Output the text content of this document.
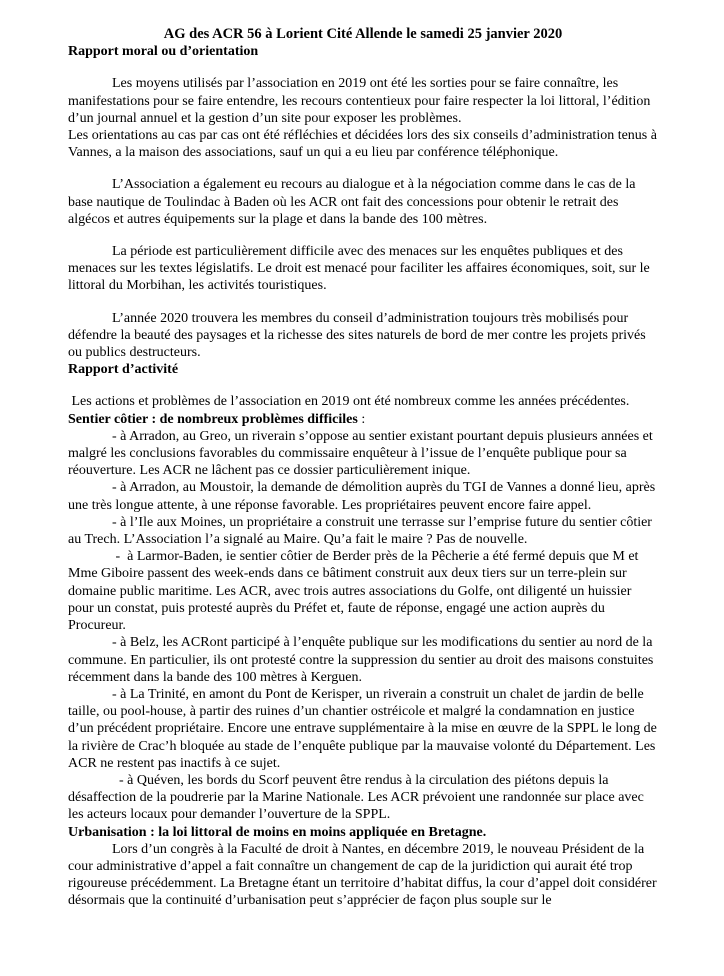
AG des ACR 56 à Lorient Cité Allende le samedi 25 janvier 2020
Rapport moral ou d’orientation

Les moyens utilisés par l’association en 2019 ont été les sorties pour se faire connaître, les manifestations pour se faire entendre, les recours contentieux pour faire respecter la loi littoral, l’édition d’un journal annuel et la gestion d’un site pour exposer les problèmes.

Les orientations au cas par cas ont été réfléchies et décidées lors des six conseils d’administration tenus à Vannes, a la maison des associations, sauf un qui a eu lieu par conférence téléphonique.

L’Association a également eu recours au dialogue et à la négociation comme dans le cas de la base nautique de Toulindac à Baden où les ACR ont fait des concessions pour obtenir le retrait des algécos et autres équipements sur la plage et dans la bande des 100 mètres.

La période est particulièrement difficile avec des menaces sur les enquêtes publiques et des menaces sur les textes législatifs. Le droit est menacé pour faciliter les affaires économiques, soit, sur le littoral du Morbihan, les activités touristiques.

L’année 2020 trouvera les membres du conseil d’administration toujours très mobilisés pour défendre la beauté des paysages et la richesse des sites naturels de bord de mer contre les projets privés ou publics destructeurs.

Rapport d’activité

Les actions et problèmes de l’association en 2019 ont été nombreux comme les années précédentes.

Sentier côtier : de nombreux problèmes difficiles :

- à Arradon, au Greo, un riverain s’oppose au sentier existant pourtant depuis plusieurs années et malgré les conclusions favorables du commissaire enquêteur à l’issue de l’enquête publique pour sa réouverture. Les ACR ne lâchent pas ce dossier particulièrement inique.

- à Arradon, au Moustoir, la demande de démolition auprès du TGI de Vannes a donné lieu, après une très longue attente, à une réponse favorable. Les propriétaires peuvent encore faire appel.

- à l’Ile aux Moines, un propriétaire a construit une terrasse sur l’emprise future du sentier côtier au Trech. L’Association l’a signalé au Maire. Qu’a fait le maire ? Pas de nouvelle.

-  à Larmor-Baden, ie sentier côtier de Berder près de la Pêcherie a été fermé depuis que M et Mme Giboire passent des week-ends dans ce bâtiment construit aux deux tiers sur un terre-plein sur domaine public maritime. Les ACR, avec trois autres associations du Golfe, ont diligenté un huissier pour un constat, puis protesté auprès du Préfet et, faute de réponse, engagé une action auprès du Procureur.

- à Belz, les ACRont participé à l’enquête publique sur les modifications du sentier au nord de la commune. En particulier, ils ont protesté contre la suppression du sentier au droit des maisons constuites récemment dans la bande des 100 mètres à Kerguen.

- à La Trinité, en amont du Pont de Kerisper, un riverain a construit un chalet de jardin de belle taille, ou pool-house, à partir des ruines d’un chantier ostréicole et malgré la condamnation en justice d’un précédent propriétaire. Encore une entrave supplémentaire à la mise en œuvre de la SPPL le long de la rivière de Crac’h bloquée au stade de l’enquête publique par la mauvaise volonté du Département. Les ACR ne restent pas inactifs à ce sujet.

- à Quéven, les bords du Scorf peuvent être rendus à la circulation des piétons depuis la désaffection de la poudrerie par la Marine Nationale. Les ACR prévoient une randonnée sur place avec les acteurs locaux pour demander l’ouverture de la SPPL.

Urbanisation : la loi littoral de moins en moins appliquée en Bretagne.

Lors d’un congrès à la Faculté de droit à Nantes, en décembre 2019, le nouveau Président de la cour administrative d’appel a fait connaître un changement de cap de la juridiction qui aurait été trop rigoureuse précédemment. La Bretagne étant un territoire d’habitat diffus, la cour d’appel doit considérer désormais que la continuité d’urbanisation peut s’apprécier de façon plus souple sur le
